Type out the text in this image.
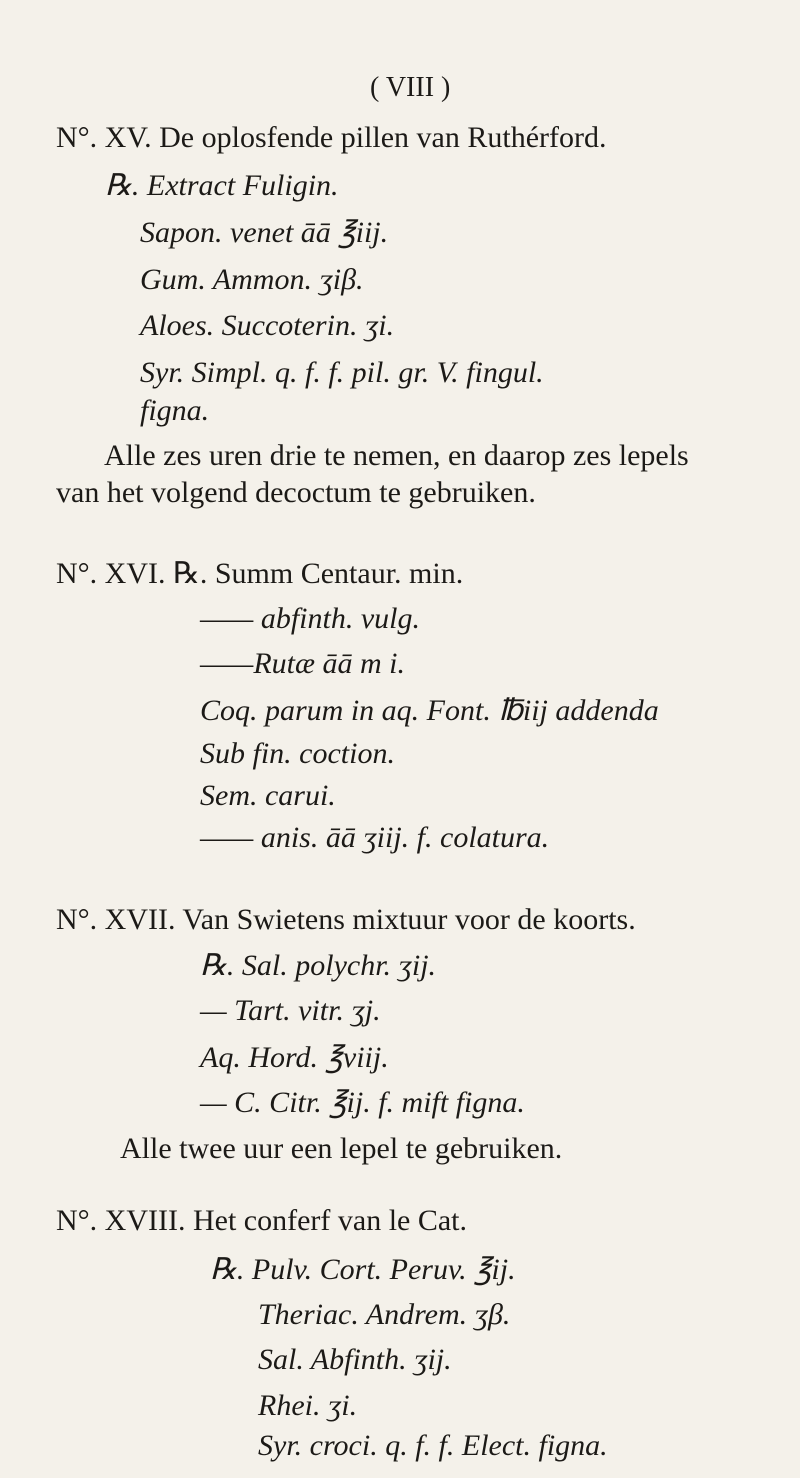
( VIII )
N°. XV. De oplosfende pillen van Ruthérford.
℞. Extract Fuligin.
Sapon. venet āā ℥iij.
Gum. Ammon. ʒiβ.
Aloes. Succoterin. ʒi.
Syr. Simpl. q. f. f. pil. gr. V. fingul.
figna.
Alle zes uren drie te nemen, en daarop zes lepels
van het volgend decoctum te gebruiken.
N°. XVI. ℞. Summ Centaur. min.
—— abfinth. vulg.
——Rutæ āā m i.
Coq. parum in aq. Font. ℔iij addenda
Sub fin. coction.
Sem. carui.
—— anis. āā ʒiij. f. colatura.
N°. XVII. Van Swietens mixtuur voor de koorts.
℞. Sal. polychr. ʒij.
— Tart. vitr. ʒj.
Aq. Hord. ℥viij.
— C. Citr. ℥ij. f. mift figna.
Alle twee uur een lepel te gebruiken.
N°. XVIII. Het conferf van le Cat.
℞. Pulv. Cort. Peruv. ℥ij.
Theriac. Andrem. ʒβ.
Sal. Abfinth. ʒij.
Rhei. ʒi.
Syr. croci. q. f. f. Elect. figna.
